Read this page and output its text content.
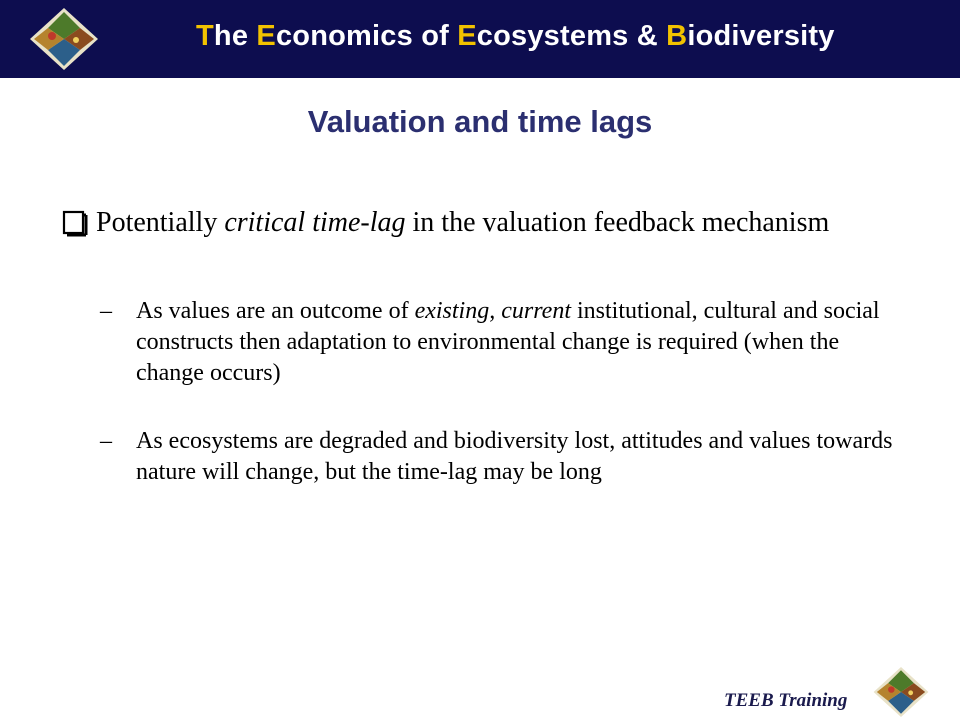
The Economics of Ecosystems & Biodiversity
Valuation and time lags
Potentially critical time-lag in the valuation feedback mechanism
– As values are an outcome of existing, current institutional, cultural and social constructs then adaptation to environmental change is required (when the change occurs)
– As ecosystems are degraded and biodiversity lost, attitudes and values towards nature will change, but the time-lag may be long
TEEB Training
